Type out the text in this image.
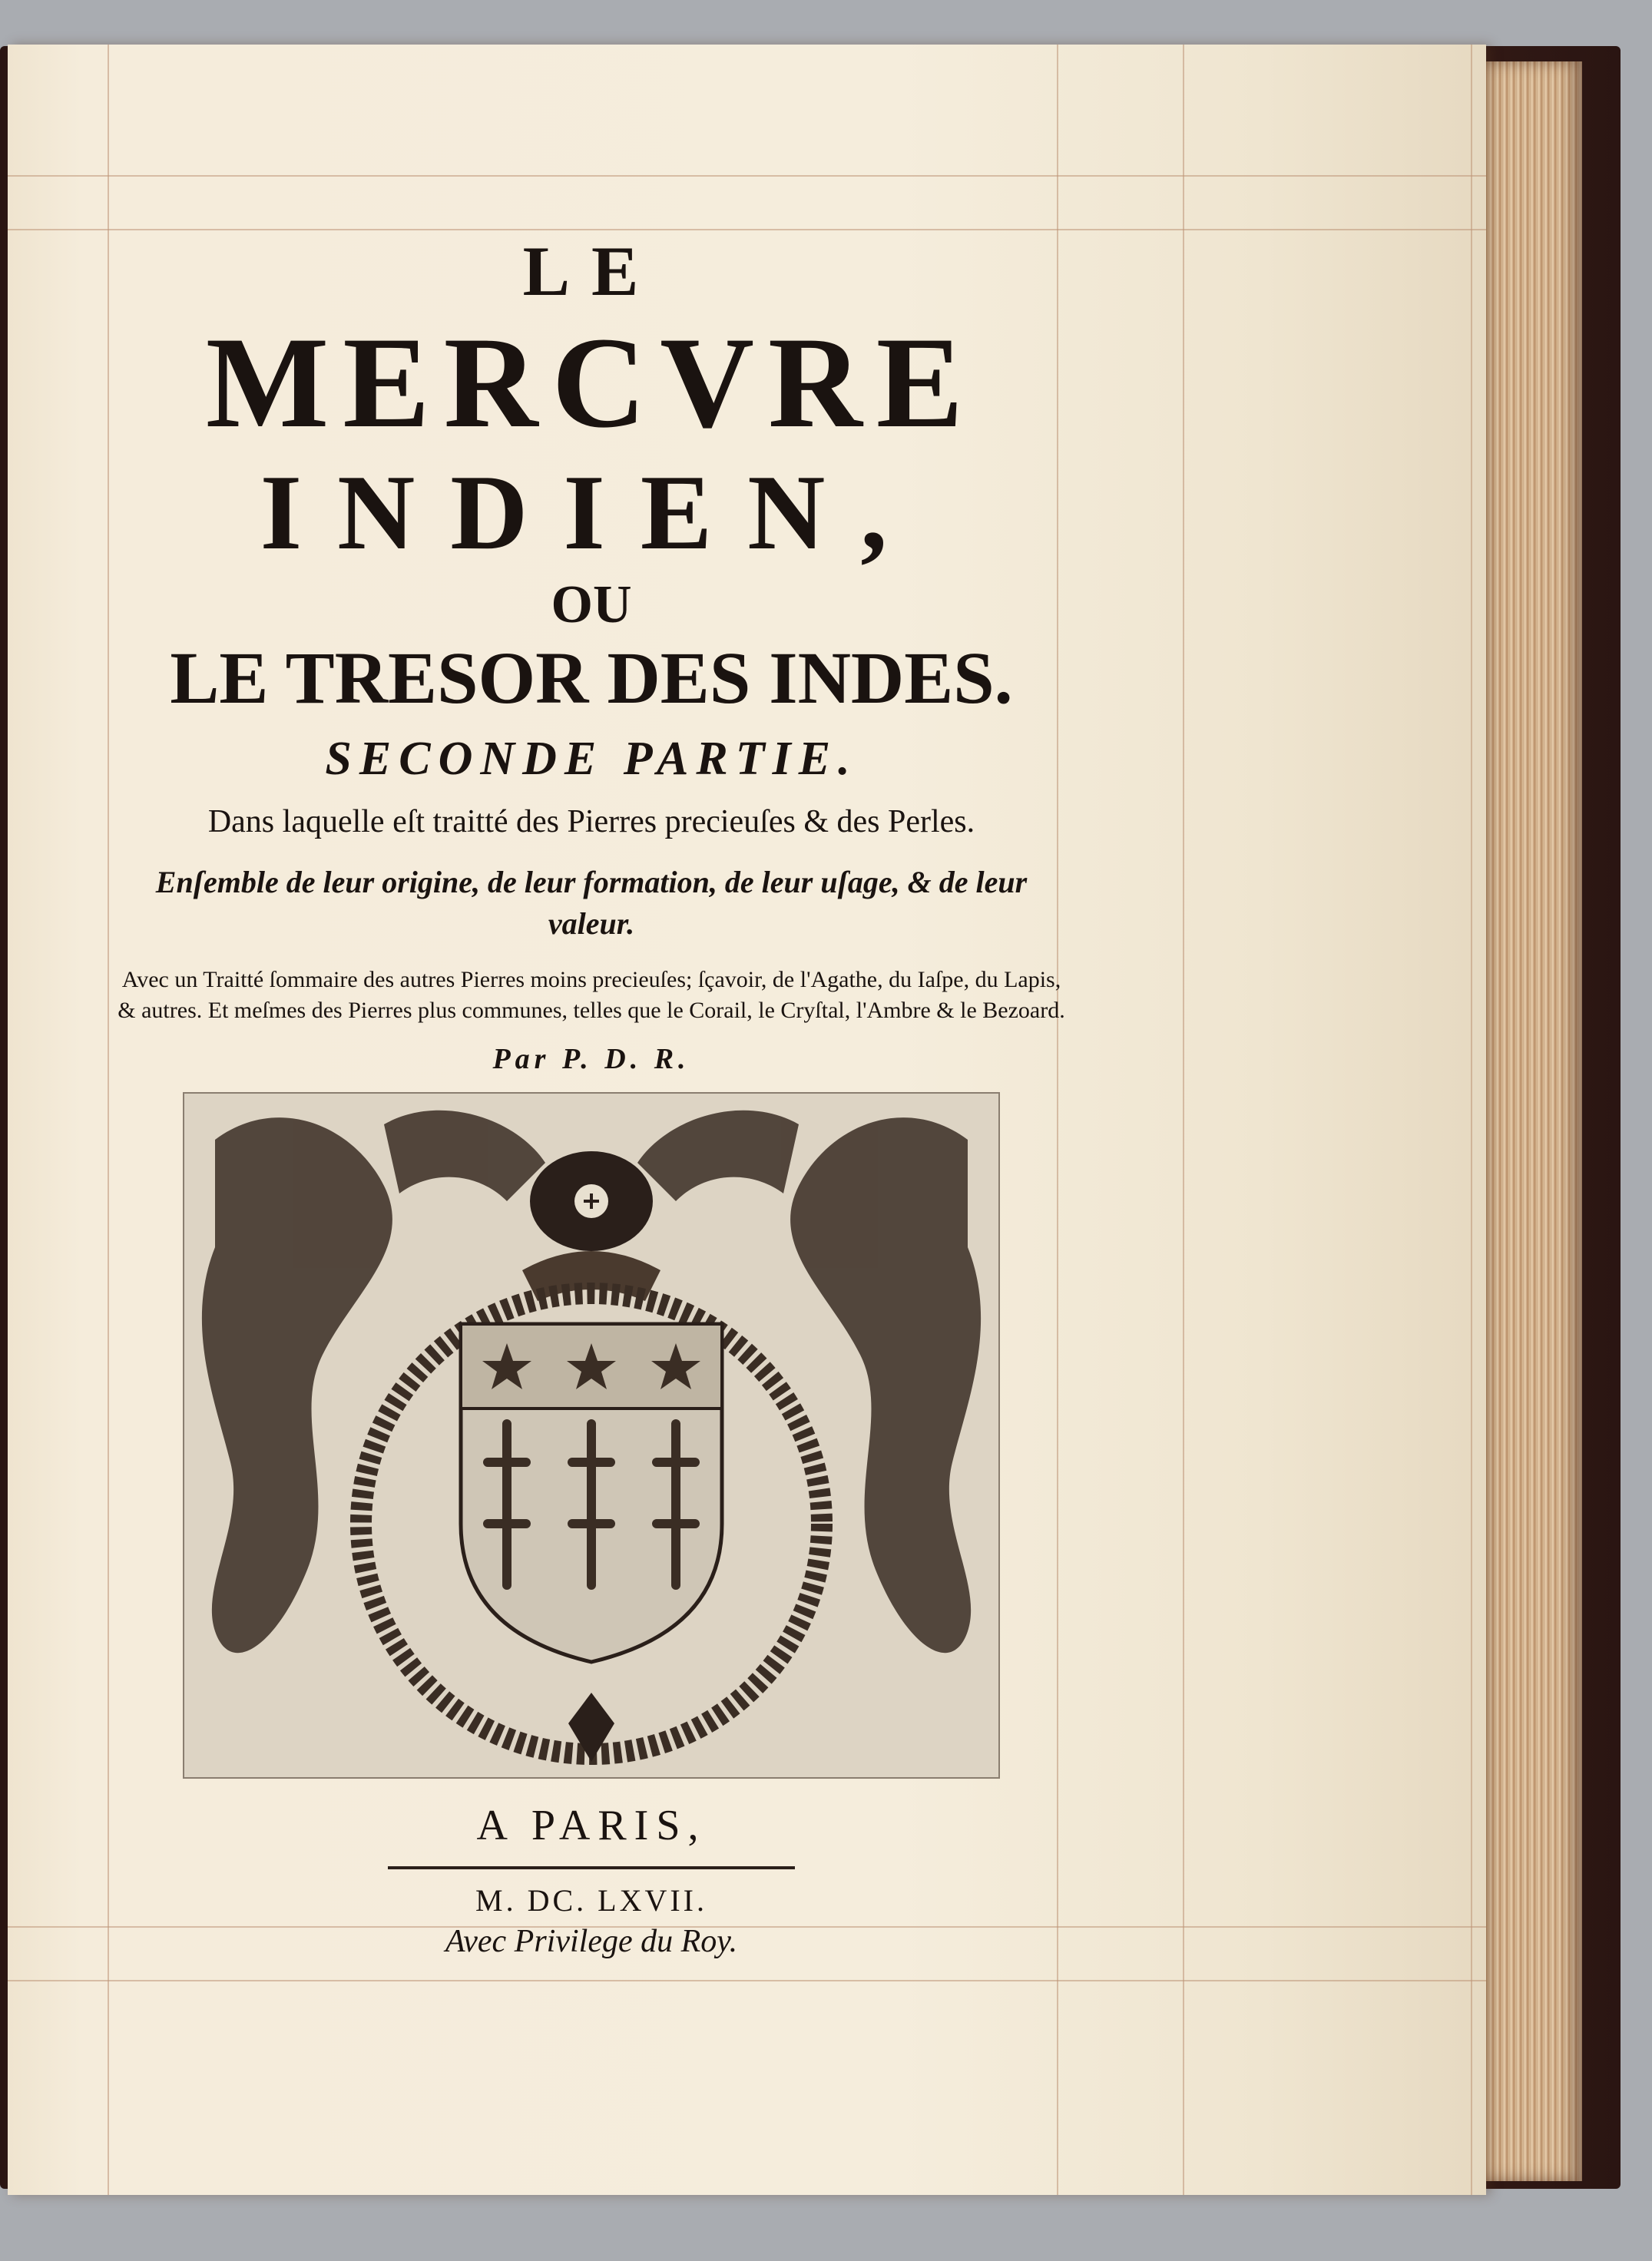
LE

MERCVRE

INDIEN,

OU

LE TRESOR DES INDES.

SECONDE PARTIE.

Dans laquelle eſt traitté des Pierres precieuſes & des Perles.

Enſemble de leur origine, de leur formation, de leur uſage, & de leur valeur.

Avec un Traitté ſommaire des autres Pierres moins precieuſes; ſçavoir, de l'Agathe, du Iaſpe, du Lapis, & autres. Et meſmes des Pierres plus communes, telles que le Corail, le Cryſtal, l'Ambre & le Bezoard.

Par P. D. R.

A PARIS,

M. DC. LXVII.

Avec Privilege du Roy.
